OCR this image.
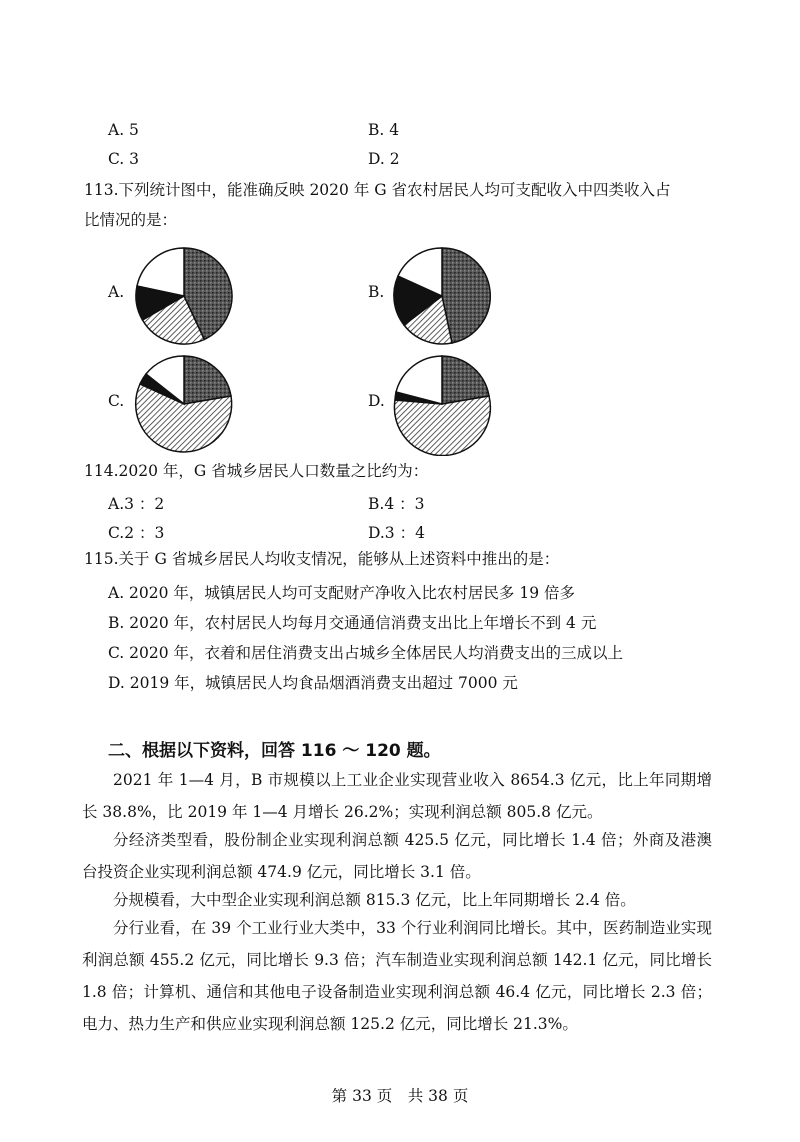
A. 5	B. 4
C. 3	D. 2
113.下列统计图中，能准确反映 2020 年 G 省农村居民人均可支配收入中四类收入占
比情况的是：
A.	B.
C.	D.
114.2020 年，G 省城乡居民人口数量之比约为：
A.3 ：2	B.4 ：3
C.2 ：3	D.3 ：4
115.关于 G 省城乡居民人均收支情况，能够从上述资料中推出的是：
A. 2020 年，城镇居民人均可支配财产净收入比农村居民多 19 倍多
B. 2020 年，农村居民人均每月交通通信消费支出比上年增长不到 4 元
C. 2020 年，衣着和居住消费支出占城乡全体居民人均消费支出的三成以上
D. 2019 年，城镇居民人均食品烟酒消费支出超过 7000 元
二、根据以下资料，回答 116 ～ 120 题。
2021 年 1—4 月，B 市规模以上工业企业实现营业收入 8654.3 亿元，比上年同期增长 38.8%，比 2019 年 1—4 月增长 26.2%；实现利润总额 805.8 亿元。
分经济类型看，股份制企业实现利润总额 425.5 亿元，同比增长 1.4 倍；外商及港澳台投资企业实现利润总额 474.9 亿元，同比增长 3.1 倍。
分规模看，大中型企业实现利润总额 815.3 亿元，比上年同期增长 2.4 倍。
分行业看，在 39 个工业行业大类中，33 个行业利润同比增长。其中，医药制造业实现利润总额 455.2 亿元，同比增长 9.3 倍；汽车制造业实现利润总额 142.1 亿元，同比增长 1.8 倍；计算机、通信和其他电子设备制造业实现利润总额 46.4 亿元，同比增长 2.3 倍；电力、热力生产和供应业实现利润总额 125.2 亿元，同比增长 21.3%。
第 33 页　共 38 页
